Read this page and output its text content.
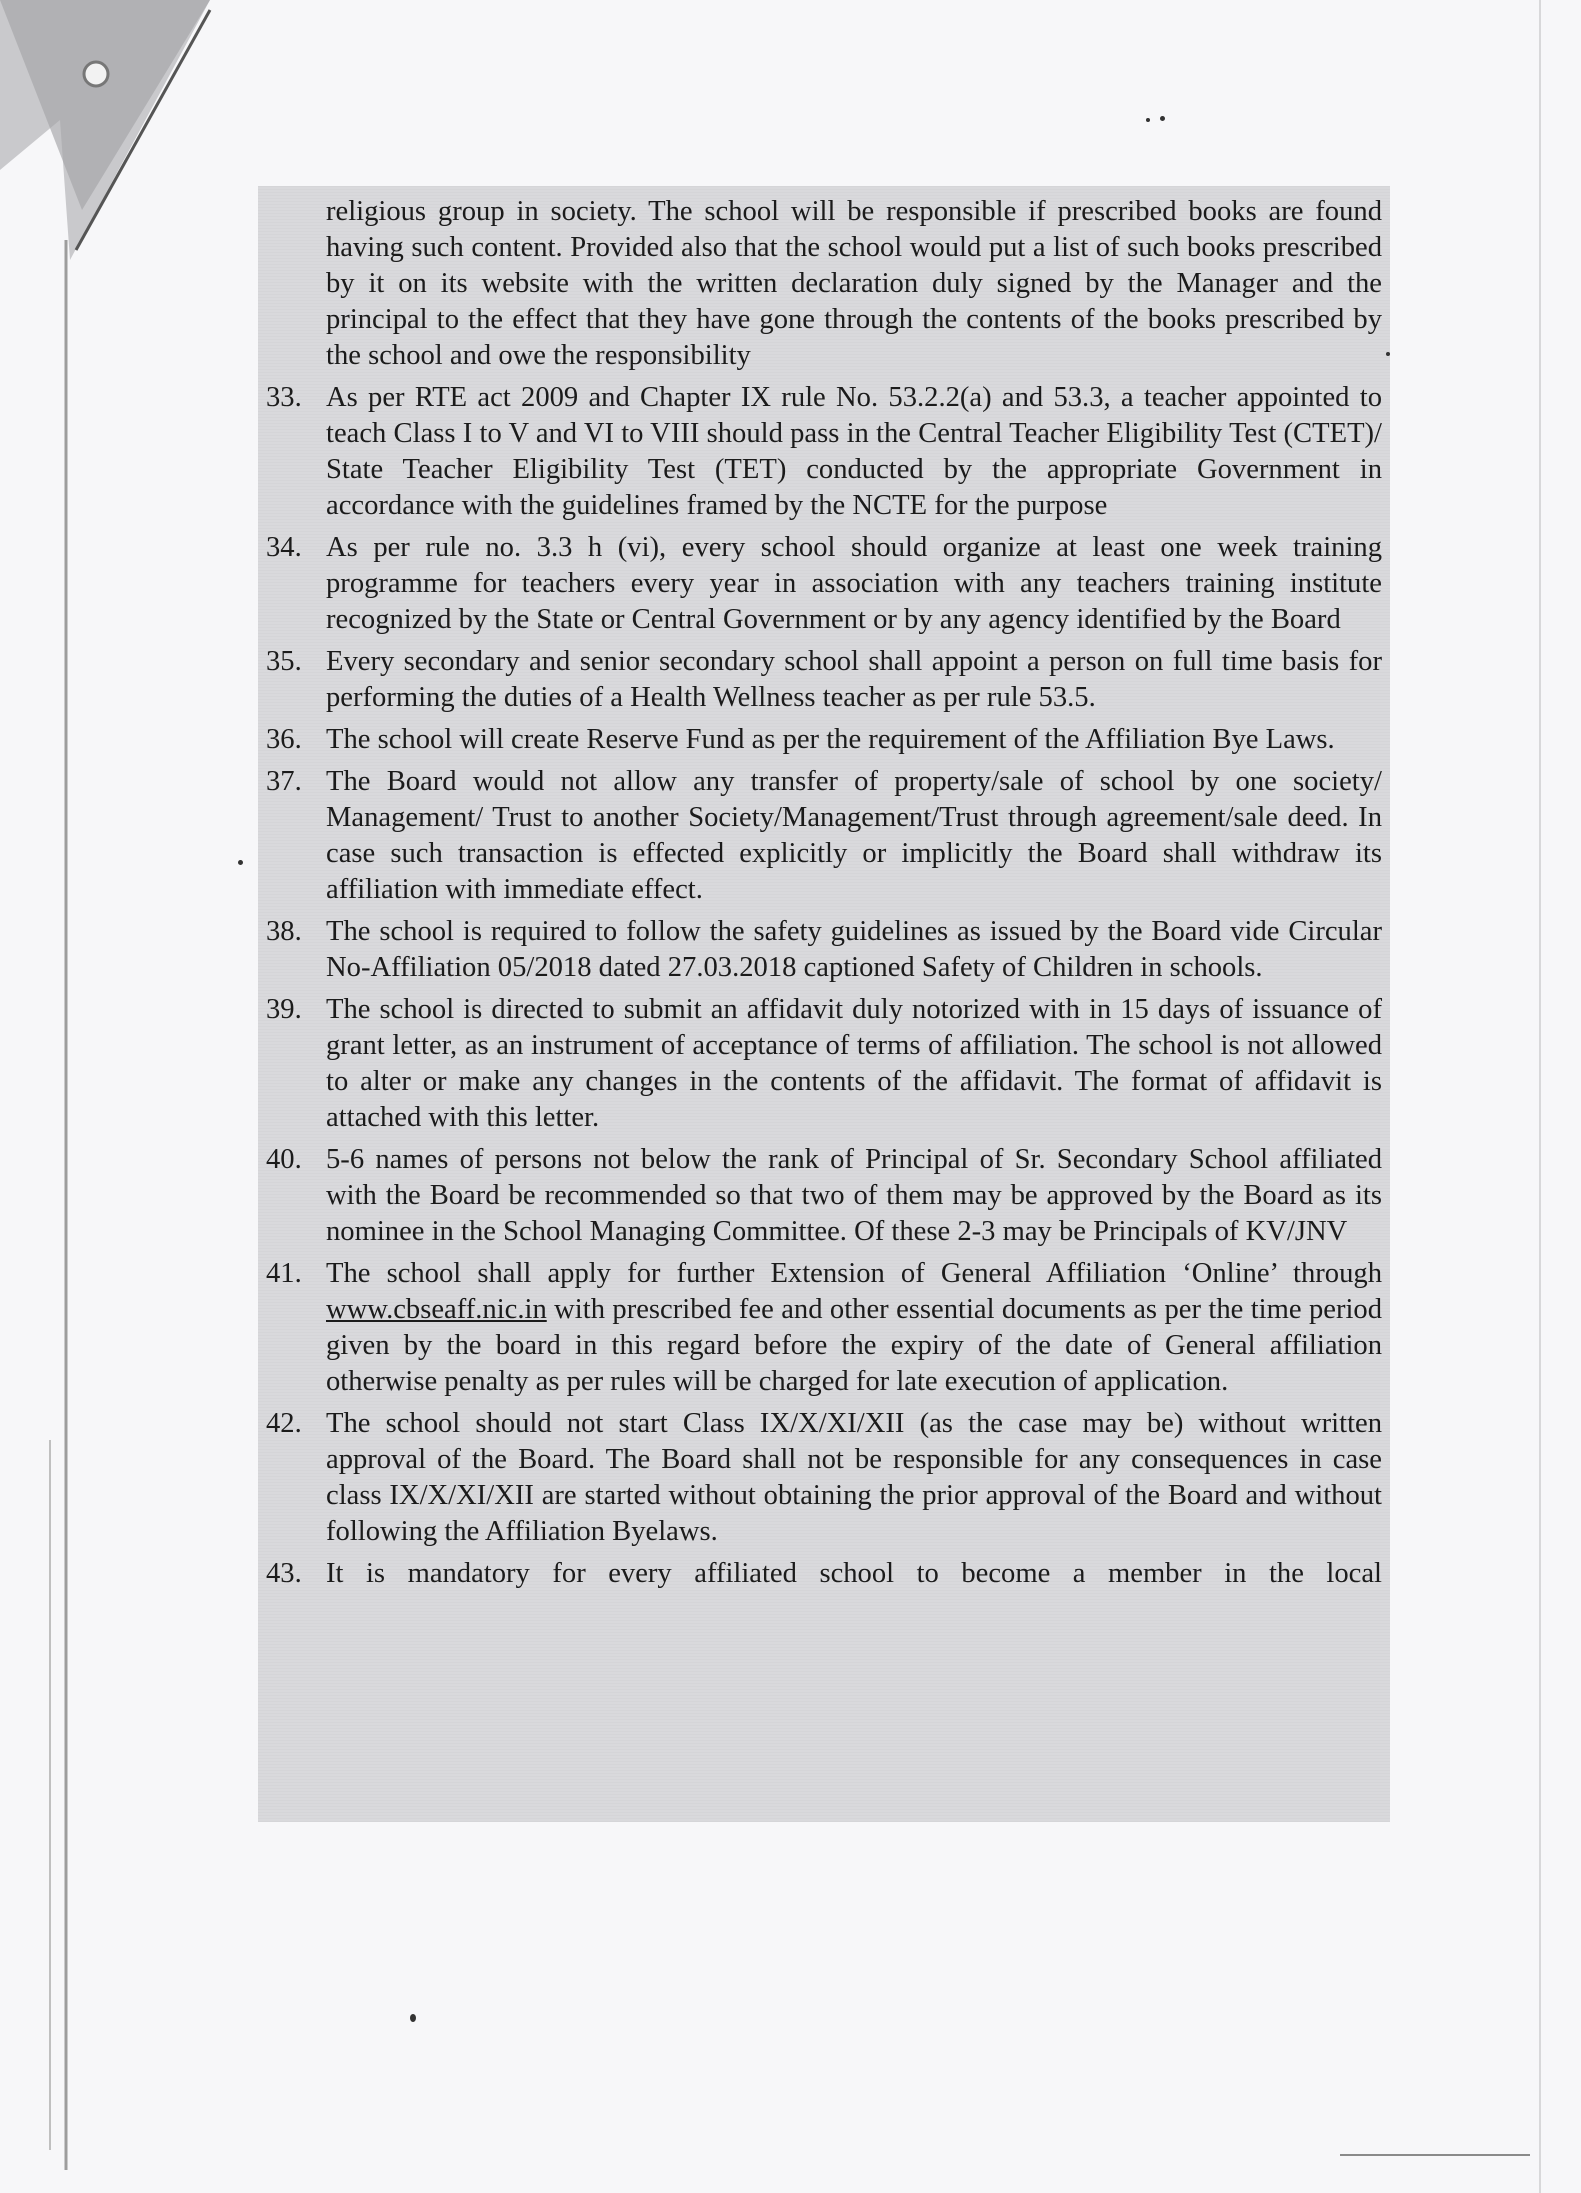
religious group in society. The school will be responsible if prescribed books are found having such content. Provided also that the school would put a list of such books prescribed by it on its website with the written declaration duly signed by the Manager and the principal to the effect that they have gone through the contents of the books prescribed by the school and owe the responsibility
33. As per RTE act 2009 and Chapter IX rule No. 53.2.2(a) and 53.3, a teacher appointed to teach Class I to V and VI to VIII should pass in the Central Teacher Eligibility Test (CTET)/ State Teacher Eligibility Test (TET) conducted by the appropriate Government in accordance with the guidelines framed by the NCTE for the purpose
34. As per rule no. 3.3 h (vi), every school should organize at least one week training programme for teachers every year in association with any teachers training institute recognized by the State or Central Government or by any agency identified by the Board
35. Every secondary and senior secondary school shall appoint a person on full time basis for performing the duties of a Health Wellness teacher as per rule 53.5.
36. The school will create Reserve Fund as per the requirement of the Affiliation Bye Laws.
37. The Board would not allow any transfer of property/sale of school by one society/ Management/ Trust to another Society/Management/Trust through agreement/sale deed. In case such transaction is effected explicitly or implicitly the Board shall withdraw its affiliation with immediate effect.
38. The school is required to follow the safety guidelines as issued by the Board vide Circular No-Affiliation 05/2018 dated 27.03.2018 captioned Safety of Children in schools.
39. The school is directed to submit an affidavit duly notorized with in 15 days of issuance of grant letter, as an instrument of acceptance of terms of affiliation. The school is not allowed to alter or make any changes in the contents of the affidavit. The format of affidavit is attached with this letter.
40. 5-6 names of persons not below the rank of Principal of Sr. Secondary School affiliated with the Board be recommended so that two of them may be approved by the Board as its nominee in the School Managing Committee. Of these 2-3 may be Principals of KV/JNV
41. The school shall apply for further Extension of General Affiliation ‘Online’ through www.cbseaff.nic.in with prescribed fee and other essential documents as per the time period given by the board in this regard before the expiry of the date of General affiliation otherwise penalty as per rules will be charged for late execution of application.
42. The school should not start Class IX/X/XI/XII (as the case may be) without written approval of the Board. The Board shall not be responsible for any consequences in case class IX/X/XI/XII are started without obtaining the prior approval of the Board and without following the Affiliation Byelaws.
43. It is mandatory for every affiliated school to become a member in the local
